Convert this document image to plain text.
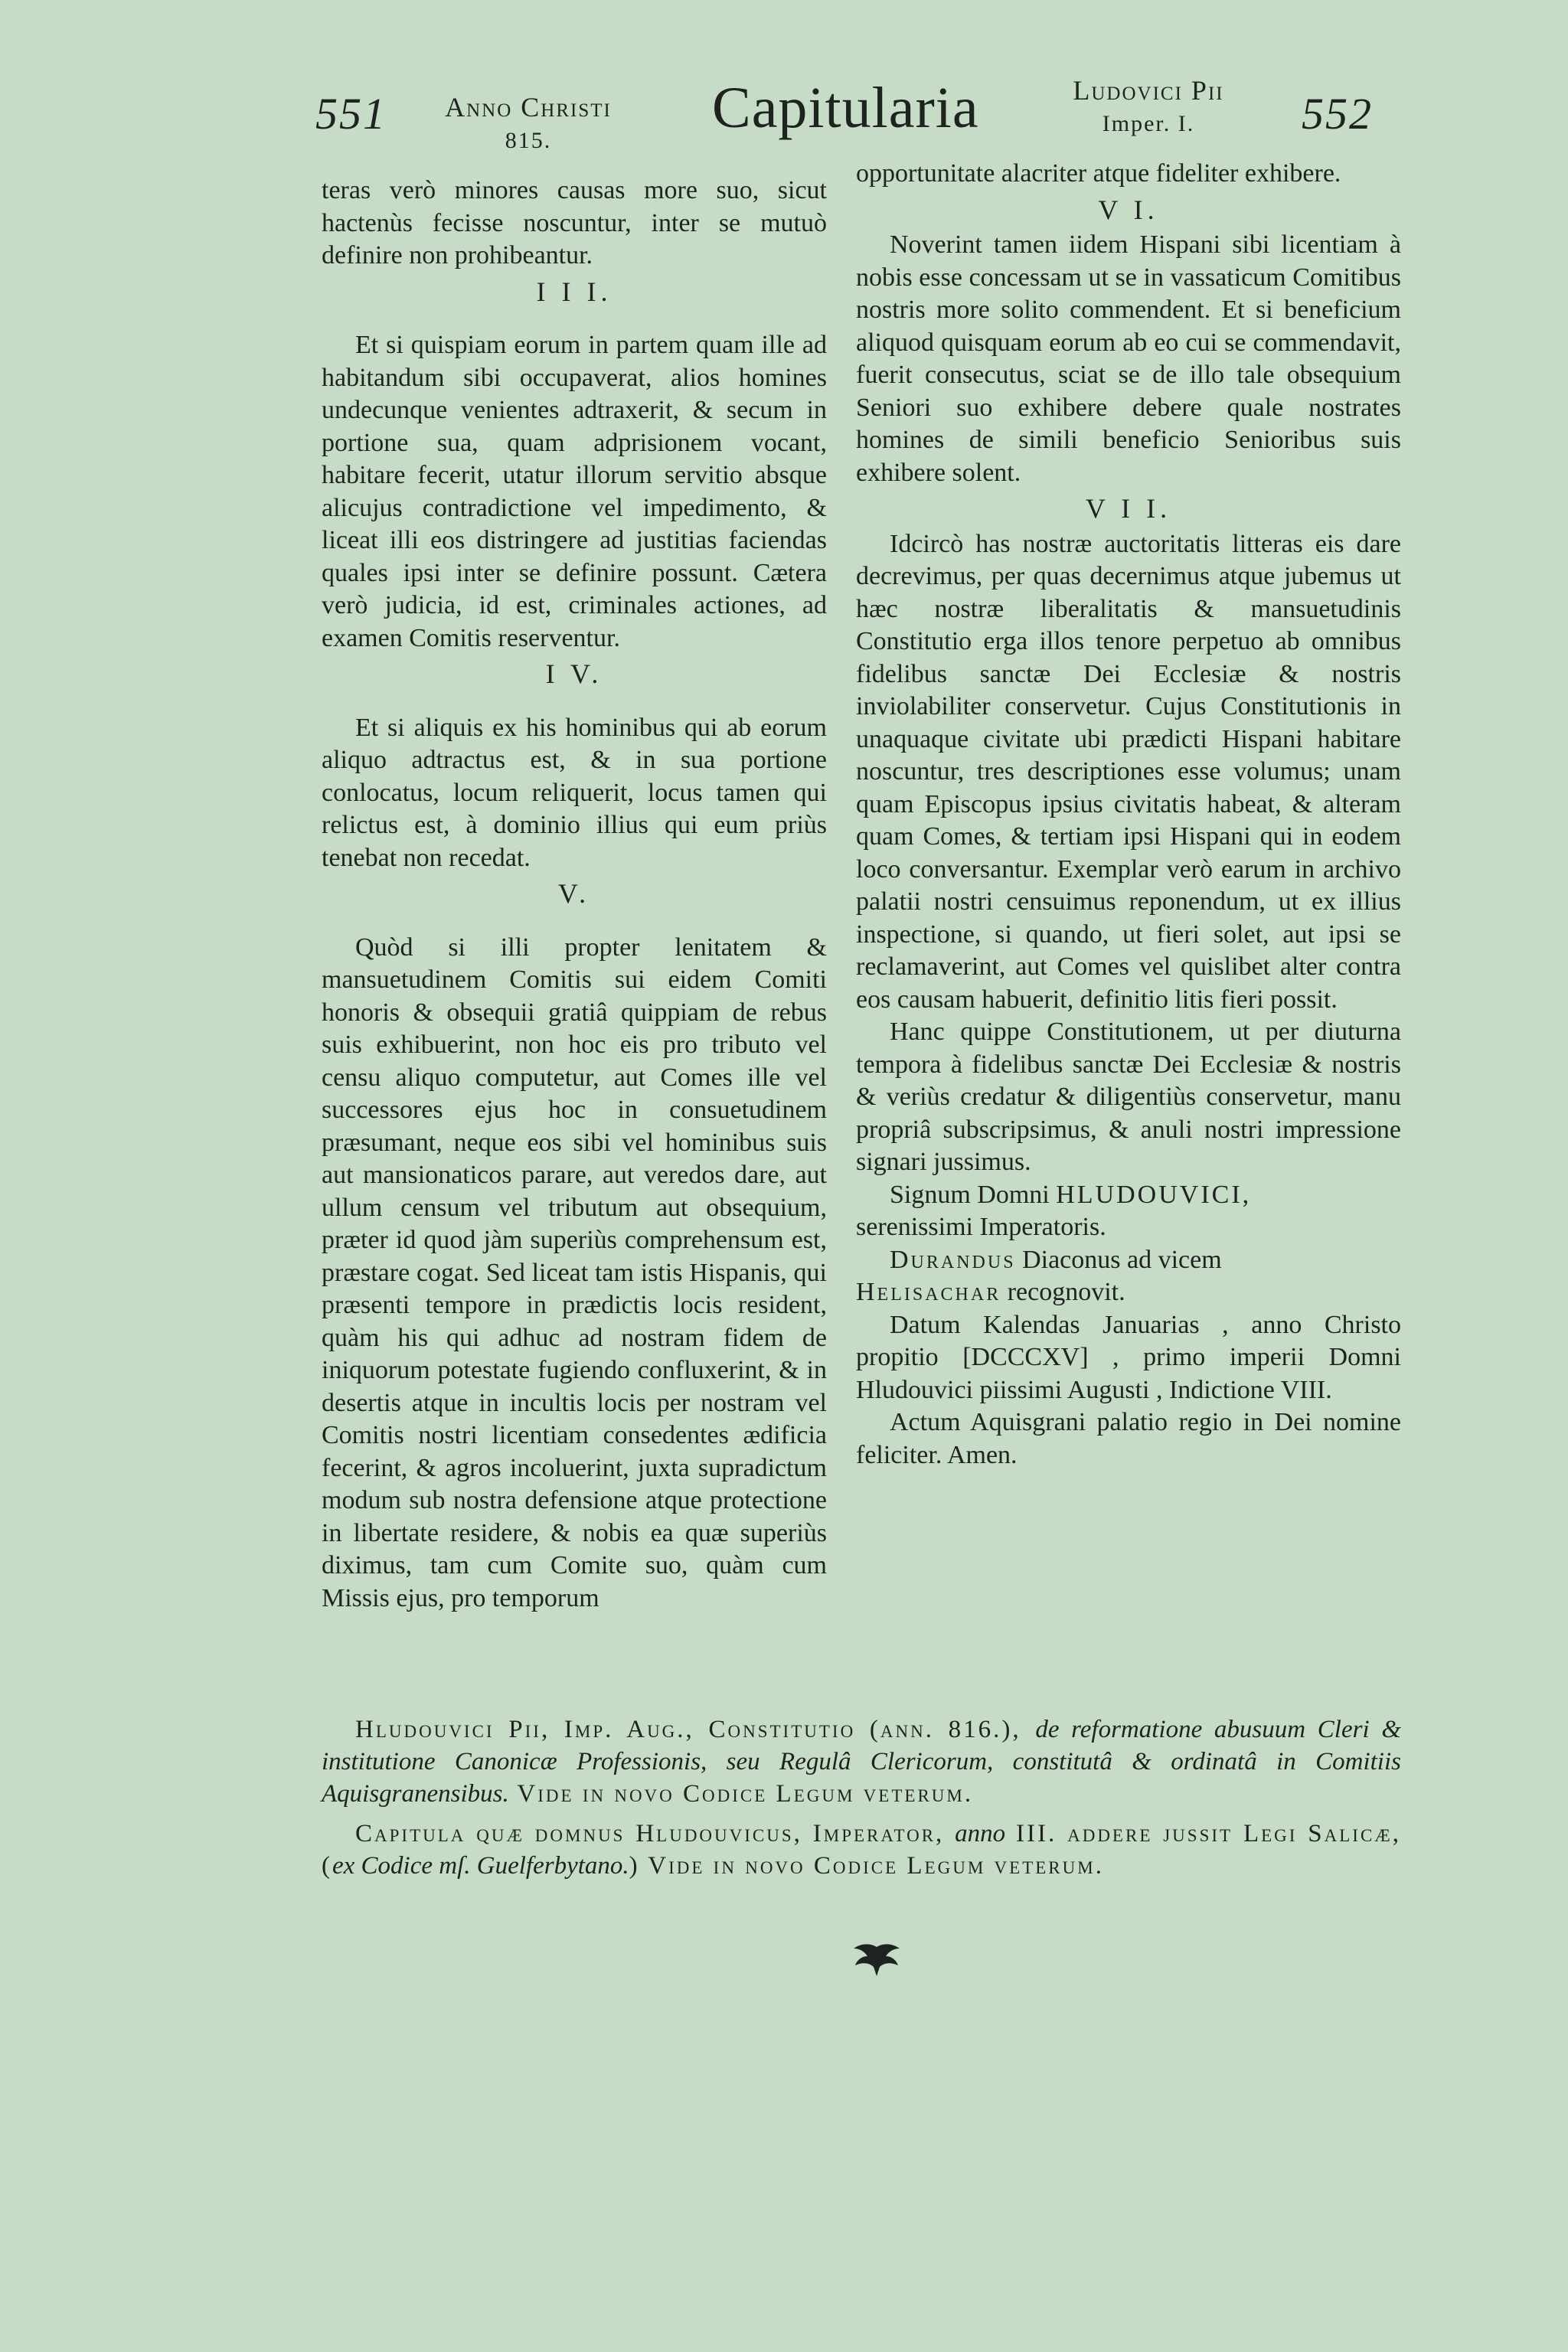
551	Anno Christi
815.
Capitularia	Ludovici Pii
Imper. I.	552

teras verò minores causas more suo, sicut hactenùs fecisse noscuntur, inter se mutuò definire non prohibeantur.

I I I.

Et si quispiam eorum in partem quam ille ad habitandum sibi occupaverat, alios homines undecunque venientes adtraxerit, & secum in portione sua, quam adprisionem vocant, habitare fecerit, utatur illorum servitio absque alicujus contradictione vel impedimento, & liceat illi eos distringere ad justitias faciendas quales ipsi inter se definire possunt. Cætera verò judicia, id est, criminales actiones, ad examen Comitis reserventur.

I V.

Et si aliquis ex his hominibus qui ab eorum aliquo adtractus est, & in sua portione conlocatus, locum reliquerit, locus tamen qui relictus est, à dominio illius qui eum priùs tenebat non recedat.

V.

Quòd si illi propter lenitatem & mansuetudinem Comitis sui eidem Comiti honoris & obsequii gratiâ quippiam de rebus suis exhibuerint, non hoc eis pro tributo vel censu aliquo computetur, aut Comes ille vel successores ejus hoc in consuetudinem præsumant, neque eos sibi vel hominibus suis aut mansionaticos parare, aut veredos dare, aut ullum censum vel tributum aut obsequium, præter id quod jàm superiùs comprehensum est, præstare cogat. Sed liceat tam istis Hispanis, qui præsenti tempore in prædictis locis resident, quàm his qui adhuc ad nostram fidem de iniquorum potestate fugiendo confluxerint, & in desertis atque in incultis locis per nostram vel Comitis nostri licentiam consedentes ædificia fecerint, & agros incoluerint, juxta supradictum modum sub nostra defensione atque protectione in libertate residere, & nobis ea quæ superiùs diximus, tam cum Comite suo, quàm cum Missis ejus, pro temporum

opportunitate alacriter atque fideliter exhibere.

V I.

Noverint tamen iidem Hispani sibi licentiam à nobis esse concessam ut se in vassaticum Comitibus nostris more solito commendent. Et si beneficium aliquod quisquam eorum ab eo cui se commendavit, fuerit consecutus, sciat se de illo tale obsequium Seniori suo exhibere debere quale nostrates homines de simili beneficio Senioribus suis exhibere solent.

V I I.

Idcircò has nostræ auctoritatis litteras eis dare decrevimus, per quas decernimus atque jubemus ut hæc nostræ liberalitatis & mansuetudinis Constitutio erga illos tenore perpetuo ab omnibus fidelibus sanctæ Dei Ecclesiæ & nostris inviolabiliter conservetur. Cujus Constitutionis in unaquaque civitate ubi prædicti Hispani habitare noscuntur, tres descriptiones esse volumus; unam quam Episcopus ipsius civitatis habeat, & alteram quam Comes, & tertiam ipsi Hispani qui in eodem loco conversantur. Exemplar verò earum in archivo palatii nostri censuimus reponendum, ut ex illius inspectione, si quando, ut fieri solet, aut ipsi se reclamaverint, aut Comes vel quislibet alter contra eos causam habuerit, definitio litis fieri possit.

Hanc quippe Constitutionem, ut per diuturna tempora à fidelibus sanctæ Dei Ecclesiæ & nostris & veriùs credatur & diligentiùs conservetur, manu propriâ subscripsimus, & anuli nostri impressione signari jussimus.

Signum Domni HLUDOUVICI,

serenissimi Imperatoris.

Durandus Diaconus ad vicem

Helisachar recognovit.

Datum Kalendas Januarias , anno Christo propitio [DCCCXV] , primo imperii Domni Hludouvici piissimi Augusti , Indictione VIII.

Actum Aquisgrani palatio regio in Dei nomine feliciter. Amen.

Hludouvici Pii, Imp. Aug., Constitutio (ann. 816.), de reformatione abusuum Cleri & institutione Canonicæ Professionis, seu Regulâ Clericorum, constitutâ & ordinatâ in Comitiis Aquisgranensibus. Vide in novo Codice Legum veterum.

Capitula quæ domnus Hludouvicus, Imperator, anno III. addere jussit Legi Salicæ, (ex Codice mſ. Guelferbytano.) Vide in novo Codice Legum veterum.
